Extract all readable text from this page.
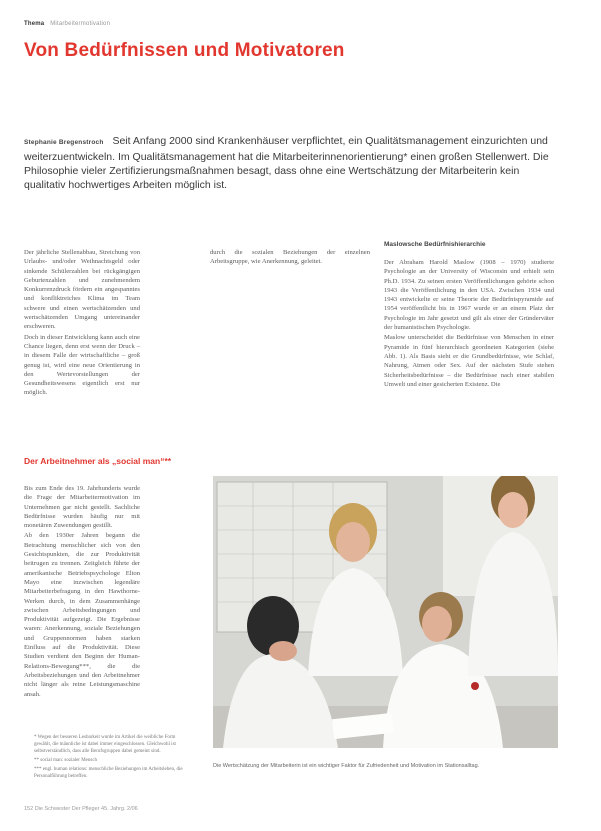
Thema Mitarbeitermotivation
Von Bedürfnissen und Motivatoren
Stephanie Bregenstroch Seit Anfang 2000 sind Krankenhäuser verpflichtet, ein Qualitätsmanagement einzurichten und weiterzuentwickeln. Im Qualitätsmanagement hat die Mitarbeiterinnenorientierung* einen großen Stellenwert. Die Philosophie vieler Zertifizierungsmaßnahmen besagt, dass ohne eine Wertschätzung der Mitarbeiterin kein qualitativ hochwertiges Arbeiten möglich ist.

Der jährliche Stellenabbau, Streichung von Urlaubs- und/oder Weihnachtsgeld oder sinkende Schülerzahlen bei rückgängigen Geburtenzahlen und zunehmendem Konkurrenzdruck fördern ein angespanntes und konfliktreiches Klima im Team schwere und einen wertschätzenden und wertschätzenden Umgang untereinander erschweren.

Doch in dieser Entwicklung kann auch eine Chance liegen, denn erst wenn der Druck – in diesem Falle der wirtschaftliche – groß genug ist, wird eine neue Orientierung in den Wertevorstellungen der Gesundheitswesens eigentlich erst nur möglich.

Der Arbeitnehmer als „social man“**

Bis zum Ende des 19. Jahrhunderts wurde die Frage der Mitarbeitermotivation im Unternehmen gar nicht gestellt. Sachliche Bedürfnisse wurden häufig nur mit monetären Zuwendungen gestillt.

Ab den 1930er Jahren begann die Betrachtung menschlicher sich von den Gesichtspunkten, die zur Produktivität beitrugen zu trennen. Zeitgleich führte der amerikanische Betriebspsychologe Elton Mayo eine inzwischen legendäre Mitarbeiterbefragung in den Hawthorne-Werken durch, in dem Zusammenhänge zwischen Arbeitsbedingungen und Produktivität aufgezeigt. Die Ergebnisse waren: Anerkennung, soziale Beziehungen und Gruppennormen haben starken Einfluss auf die Produktivität. Diese Studien verdient den Beginn der Human-Relations-Bewegung***, die die Arbeitsbeziehungen und den Arbeitnehmer nicht länger als reine Leistungsmaschine ansah.

durch die sozialen Beziehungen der einzelnen Arbeitsgruppe, wie Anerkennung, geleitet.

Maslowsche Bedürfnishierarchie

Der Abraham Harold Maslow (1908 – 1970) studierte Psychologie an der University of Wisconsin und erhielt sein Ph.D. 1934. Zu seinen ersten Veröffentlichungen gehörte schon 1943 die Veröffentlichung in den USA. Zwischen 1934 und 1943 entwickelte er seine Theorie der Bedürfnispyramide auf 1954 veröffentlicht bis in 1967 wurde er an einem Platz der Psychologie im Jahr gesetzt und gilt als einer der Gründerväter der humanistischen Psychologie.

Maslow unterscheidet die Bedürfnisse von Menschen in einer Pyramide in fünf hierarchisch geordneten Kategorien (siehe Abb. 1). Als Basis sieht er die Grundbedürfnisse, wie Schlaf, Nahrung, Atmen oder Sex. Auf der nächsten Stufe stehen Sicherheitsbedürfnisse – die Bedürfnisse nach einer stabilen Umwelt und einer gesicherten Existenz. Die

* Wegen der besseren Lesbarkeit wurde im Artikel die weibliche Form gewählt, die männliche ist dabei immer eingeschlossen. Gleichwohl ist selbstverständlich, dass alle Berufsgruppen dabei gemeint sind.

** social man: sozialer Mensch

*** engl. human relations: menschliche Beziehungen im Arbeitsleben, die Personalführung betreffen.

Die Wertschätzung der Mitarbeiterin ist ein wichtiger Faktor für Zufriedenheit und Motivation im Stationsalltag.
152 Die Schwester Der Pfleger 45. Jahrg. 2/06
